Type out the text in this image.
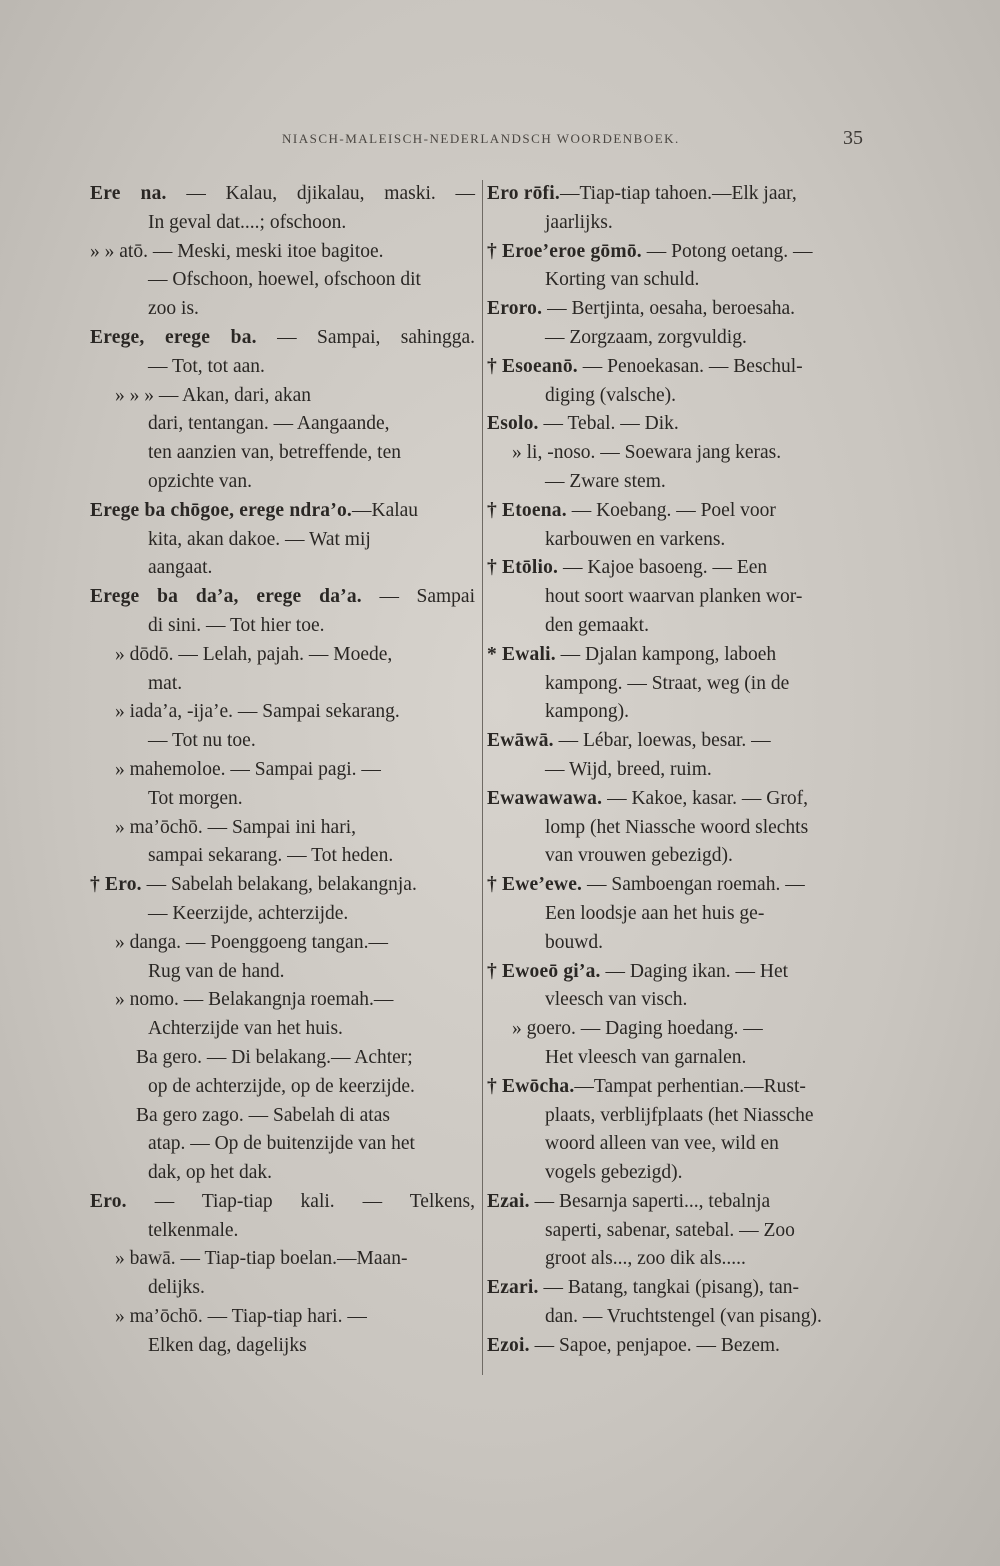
NIASCH-MALEISCH-NEDERLANDSCH WOORDENBOEK.	35
Ere na. — Kalau, djikalau, maski. —
In geval dat....; ofschoon.
» » atō. — Meski, meski itoe bagitoe.
— Ofschoon, hoewel, ofschoon dit
zoo is.
Erege, erege ba. — Sampai, sahingga.
— Tot, tot aan.
» » » — Akan, dari, akan
dari, tentangan. — Aangaande,
ten aanzien van, betreffende, ten
opzichte van.
Erege ba chōgoe, erege ndra’o.—Kalau
kita, akan dakoe. — Wat mij
aangaat.
Erege ba da’a, erege da’a. — Sampai
di sini. — Tot hier toe.
» dōdō. — Lelah, pajah. — Moede,
mat.
» iada’a, -ija’e. — Sampai sekarang.
— Tot nu toe.
» mahemoloe. — Sampai pagi. —
Tot morgen.
» ma’ōchō. — Sampai ini hari,
sampai sekarang. — Tot heden.
† Ero. — Sabelah belakang, belakangnja.
— Keerzijde, achterzijde.
» danga. — Poenggoeng tangan.—
Rug van de hand.
» nomo. — Belakangnja roemah.—
Achterzijde van het huis.
Ba gero. — Di belakang.— Achter;
op de achterzijde, op de keerzijde.
Ba gero zago. — Sabelah di atas
atap. — Op de buitenzijde van het
dak, op het dak.
Ero. — Tiap-tiap kali. — Telkens,
telkenmale.
» bawā. — Tiap-tiap boelan.—Maan-
delijks.
» ma’ōchō. — Tiap-tiap hari. —
Elken dag, dagelijks
Ero rōfi.—Tiap-tiap tahoen.—Elk jaar,
jaarlijks.
† Eroe’eroe gōmō. — Potong oetang. —
Korting van schuld.
Eroro. — Bertjinta, oesaha, beroesaha.
— Zorgzaam, zorgvuldig.
† Esoeanō. — Penoekasan. — Beschul-
diging (valsche).
Esolo. — Tebal. — Dik.
» li, -noso. — Soewara jang keras.
— Zware stem.
† Etoena. — Koebang. — Poel voor
karbouwen en varkens.
† Etōlio. — Kajoe basoeng. — Een
hout soort waarvan planken wor-
den gemaakt.
* Ewali. — Djalan kampong, laboeh
kampong. — Straat, weg (in de
kampong).
Ewāwā. — Lébar, loewas, besar. —
— Wijd, breed, ruim.
Ewawawawa. — Kakoe, kasar. — Grof,
lomp (het Niassche woord slechts
van vrouwen gebezigd).
† Ewe’ewe. — Samboengan roemah. —
Een loodsje aan het huis ge-
bouwd.
† Ewoeō gi’a. — Daging ikan. — Het
vleesch van visch.
» goero. — Daging hoedang. —
Het vleesch van garnalen.
† Ewōcha.—Tampat perhentian.—Rust-
plaats, verblijfplaats (het Niassche
woord alleen van vee, wild en
vogels gebezigd).
Ezai. — Besarnja saperti..., tebalnja
saperti, sabenar, satebal. — Zoo
groot als..., zoo dik als.....
Ezari. — Batang, tangkai (pisang), tan-
dan. — Vruchtstengel (van pisang).
Ezoi. — Sapoe, penjapoe. — Bezem.
